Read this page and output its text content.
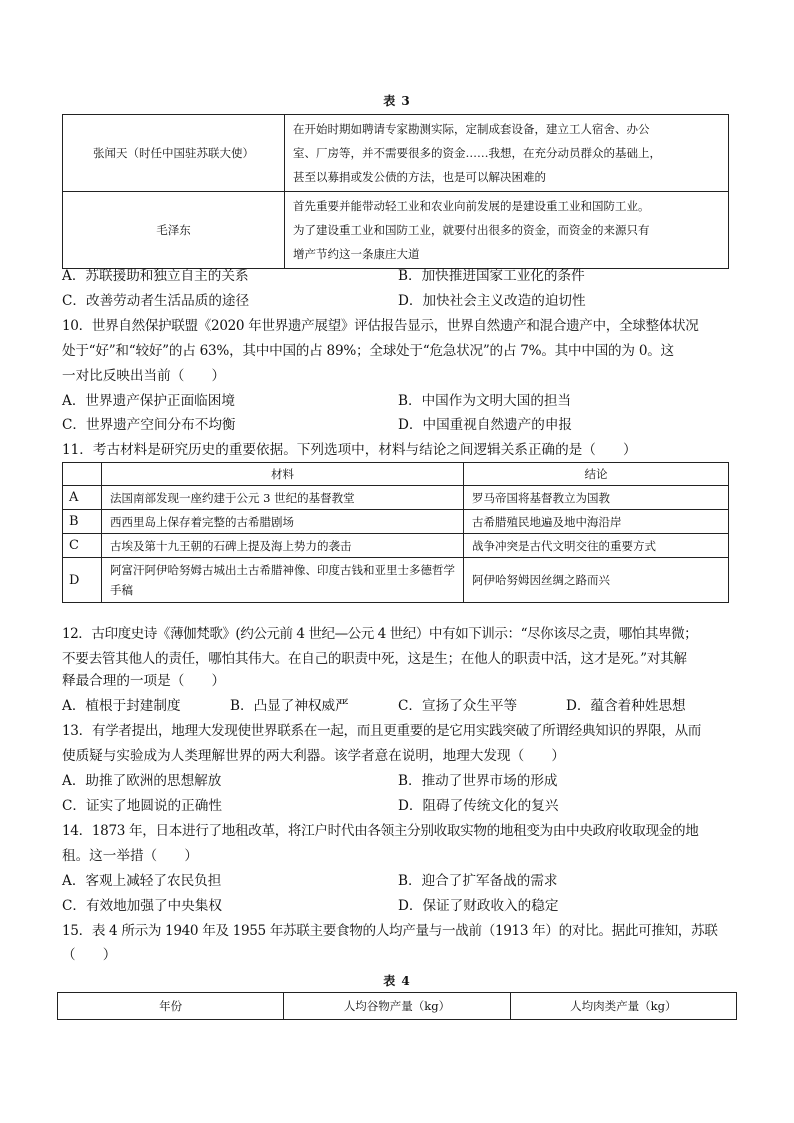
表 3
张闻天（时任中国驻苏联大使）	在开始时期如聘请专家勘测实际，定制成套设备，建立工人宿舍、办公
室、厂房等，并不需要很多的资金……我想，在充分动员群众的基础上，
甚至以募捐或发公债的方法，也是可以解决困难的

毛泽东	首先重要并能带动轻工业和农业向前发展的是建设重工业和国防工业。
为了建设重工业和国防工业，就要付出很多的资金，而资金的来源只有
增产节约这一条康庄大道
A．苏联援助和独立自主的关系	B．加快推进国家工业化的条件
C．改善劳动者生活品质的途径	D．加快社会主义改造的迫切性
10．世界自然保护联盟《2020 年世界遗产展望》评估报告显示，世界自然遗产和混合遗产中，全球整体状况
处于“好”和“较好”的占 63%，其中中国的占 89%；全球处于“危急状况”的占 7%。其中中国的为 0。这
一对比反映出当前（　　）
A．世界遗产保护正面临困境	B．中国作为文明大国的担当
C．世界遗产空间分布不均衡	D．中国重视自然遗产的申报
11．考古材料是研究历史的重要依据。下列选项中，材料与结论之间逻辑关系正确的是（　　）
	材料	结论
A	法国南部发现一座约建于公元 3 世纪的基督教堂	罗马帝国将基督教立为国教
B	西西里岛上保存着完整的古希腊剧场	古希腊殖民地遍及地中海沿岸
C	古埃及第十九王朝的石碑上提及海上势力的袭击	战争冲突是古代文明交往的重要方式
D	阿富汗阿伊哈努姆古城出土古希腊神像、印度古钱和亚里士多德哲学手稿	阿伊哈努姆因丝绸之路而兴
12．古印度史诗《薄伽梵歌》(约公元前 4 世纪—公元 4 世纪）中有如下训示：“尽你该尽之责，哪怕其卑微；
不要去管其他人的责任，哪怕其伟大。在自己的职责中死，这是生；在他人的职责中活，这才是死。”对其解
释最合理的一项是（　　）
A．植根于封建制度	B．凸显了神权威严	C．宣扬了众生平等	D．蕴含着种姓思想
13．有学者提出，地理大发现使世界联系在一起，而且更重要的是它用实践突破了所谓经典知识的界限，从而
使质疑与实验成为人类理解世界的两大利器。该学者意在说明，地理大发现（　　）
A．助推了欧洲的思想解放	B．推动了世界市场的形成
C．证实了地圆说的正确性	D．阻碍了传统文化的复兴
14．1873 年，日本进行了地租改革，将江户时代由各领主分别收取实物的地租变为由中央政府收取现金的地
租。这一举措（　　）
A．客观上减轻了农民负担	B．迎合了扩军备战的需求
C．有效地加强了中央集权	D．保证了财政收入的稳定
15．表 4 所示为 1940 年及 1955 年苏联主要食物的人均产量与一战前（1913 年）的对比。据此可推知，苏联
（　　）
表 4
年份	人均谷物产量（kg）	人均肉类产量（kg）
